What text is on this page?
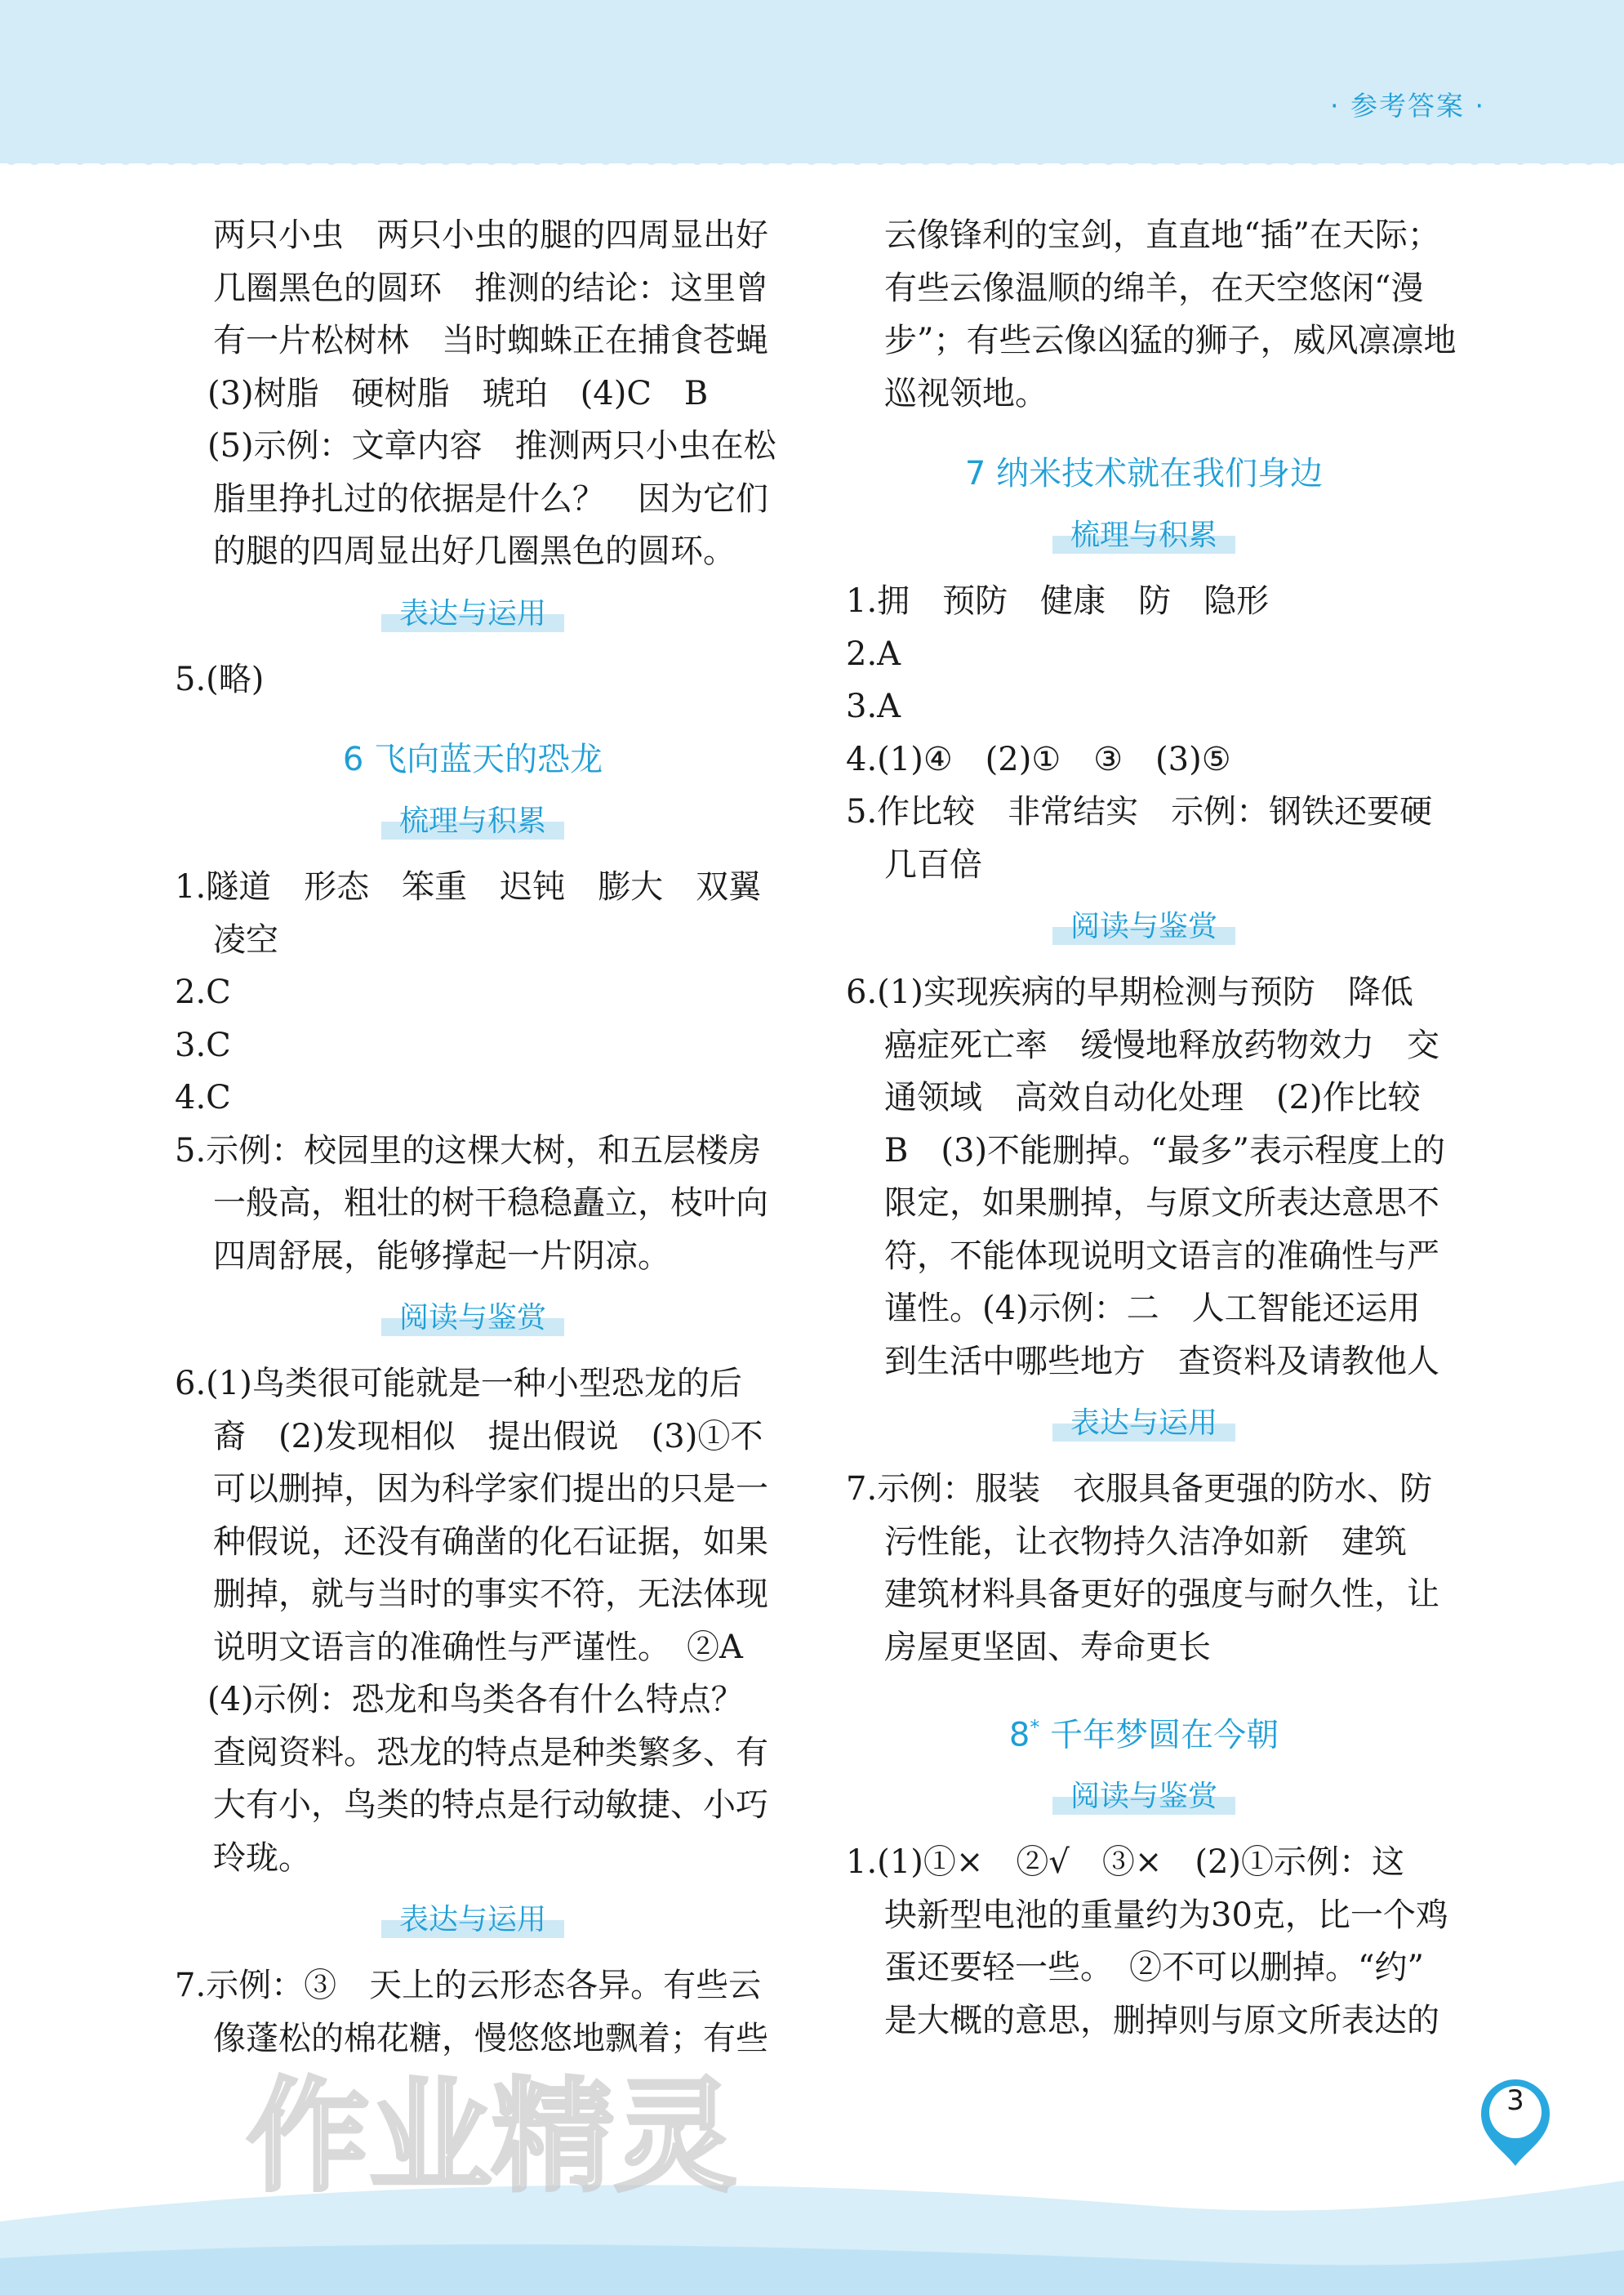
· 参考答案 ·
两只小虫　两只小虫的腿的四周显出好
几圈黑色的圆环　推测的结论：这里曾
有一片松树林　当时蜘蛛正在捕食苍蝇
(3)树脂　硬树脂　琥珀　(4)C　B
(5)示例：文章内容　推测两只小虫在松
脂里挣扎过的依据是什么？　因为它们
的腿的四周显出好几圈黑色的圆环。
表达与运用
5.(略)
6 飞向蓝天的恐龙
梳理与积累
1.隧道　形态　笨重　迟钝　膨大　双翼
凌空
2.C
3.C
4.C
5.示例：校园里的这棵大树，和五层楼房
一般高，粗壮的树干稳稳矗立，枝叶向
四周舒展，能够撑起一片阴凉。
阅读与鉴赏
6.(1)鸟类很可能就是一种小型恐龙的后
裔　(2)发现相似　提出假说　(3)①不
可以删掉，因为科学家们提出的只是一
种假说，还没有确凿的化石证据，如果
删掉，就与当时的事实不符，无法体现
说明文语言的准确性与严谨性。　②A
(4)示例：恐龙和鸟类各有什么特点？
查阅资料。恐龙的特点是种类繁多、有
大有小，鸟类的特点是行动敏捷、小巧
玲珑。
表达与运用
7.示例：③　天上的云形态各异。有些云
像蓬松的棉花糖，慢悠悠地飘着；有些
云像锋利的宝剑，直直地“插”在天际；
有些云像温顺的绵羊，在天空悠闲“漫
步”；有些云像凶猛的狮子，威风凛凛地
巡视领地。
7 纳米技术就在我们身边
梳理与积累
1.拥　预防　健康　防　隐形
2.A
3.A
4.(1)④　(2)①　③　(3)⑤
5.作比较　非常结实　示例：钢铁还要硬
几百倍
阅读与鉴赏
6.(1)实现疾病的早期检测与预防　降低
癌症死亡率　缓慢地释放药物效力　交
通领域　高效自动化处理　(2)作比较
B　(3)不能删掉。“最多”表示程度上的
限定，如果删掉，与原文所表达意思不
符，不能体现说明文语言的准确性与严
谨性。(4)示例：二　人工智能还运用
到生活中哪些地方　查资料及请教他人
表达与运用
7.示例：服装　衣服具备更强的防水、防
污性能，让衣物持久洁净如新　建筑
建筑材料具备更好的强度与耐久性，让
房屋更坚固、寿命更长
8* 千年梦圆在今朝
阅读与鉴赏
1.(1)①×　②√　③×　(2)①示例：这
块新型电池的重量约为30克，比一个鸡
蛋还要轻一些。　②不可以删掉。“约”
是大概的意思，删掉则与原文所表达的
作业精灵	3
